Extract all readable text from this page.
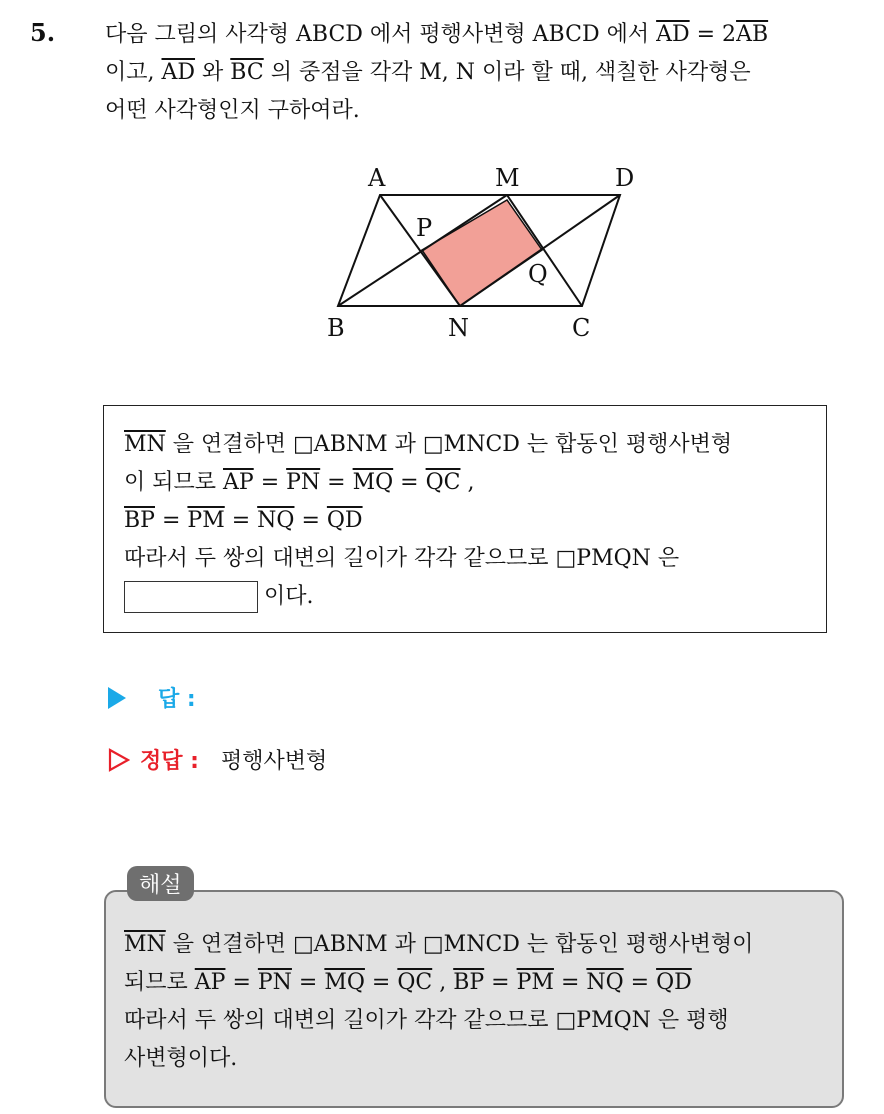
5. 다음 그림의 사각형 ABCD 에서 평행사변형 ABCD 에서 $\overline{AD} = 2\overline{AB}$
이고, $\overline{AD}$ 와 $\overline{BC}$ 의 중점을 각각 M, N 이라 할 때, 색칠한 사각형은
어떤 사각형인지 구하여라.
A	M	D
P
Q
B	N	C
$\overline{MN}$ 을 연결하면 □ABNM 과 □MNCD 는 합동인 평행사변형
이 되므로 $\overline{AP} = \overline{PN} = \overline{MQ} = \overline{QC}$ ,
$\overline{BP} = \overline{PM} = \overline{NQ} = \overline{QD}$
따라서 두 쌍의 대변의 길이가 각각 같으므로 □PMQN 은
이다.
답 :
정답 : 평행사변형
$\overline{MN}$ 을 연결하면 □ABNM 과 □MNCD 는 합동인 평행사변형이
되므로 $\overline{AP} = \overline{PN} = \overline{MQ} = \overline{QC}$ , $\overline{BP} = \overline{PM} = \overline{NQ} = \overline{QD}$
따라서 두 쌍의 대변의 길이가 각각 같으므로 □PMQN 은 평행
사변형이다.
해설
